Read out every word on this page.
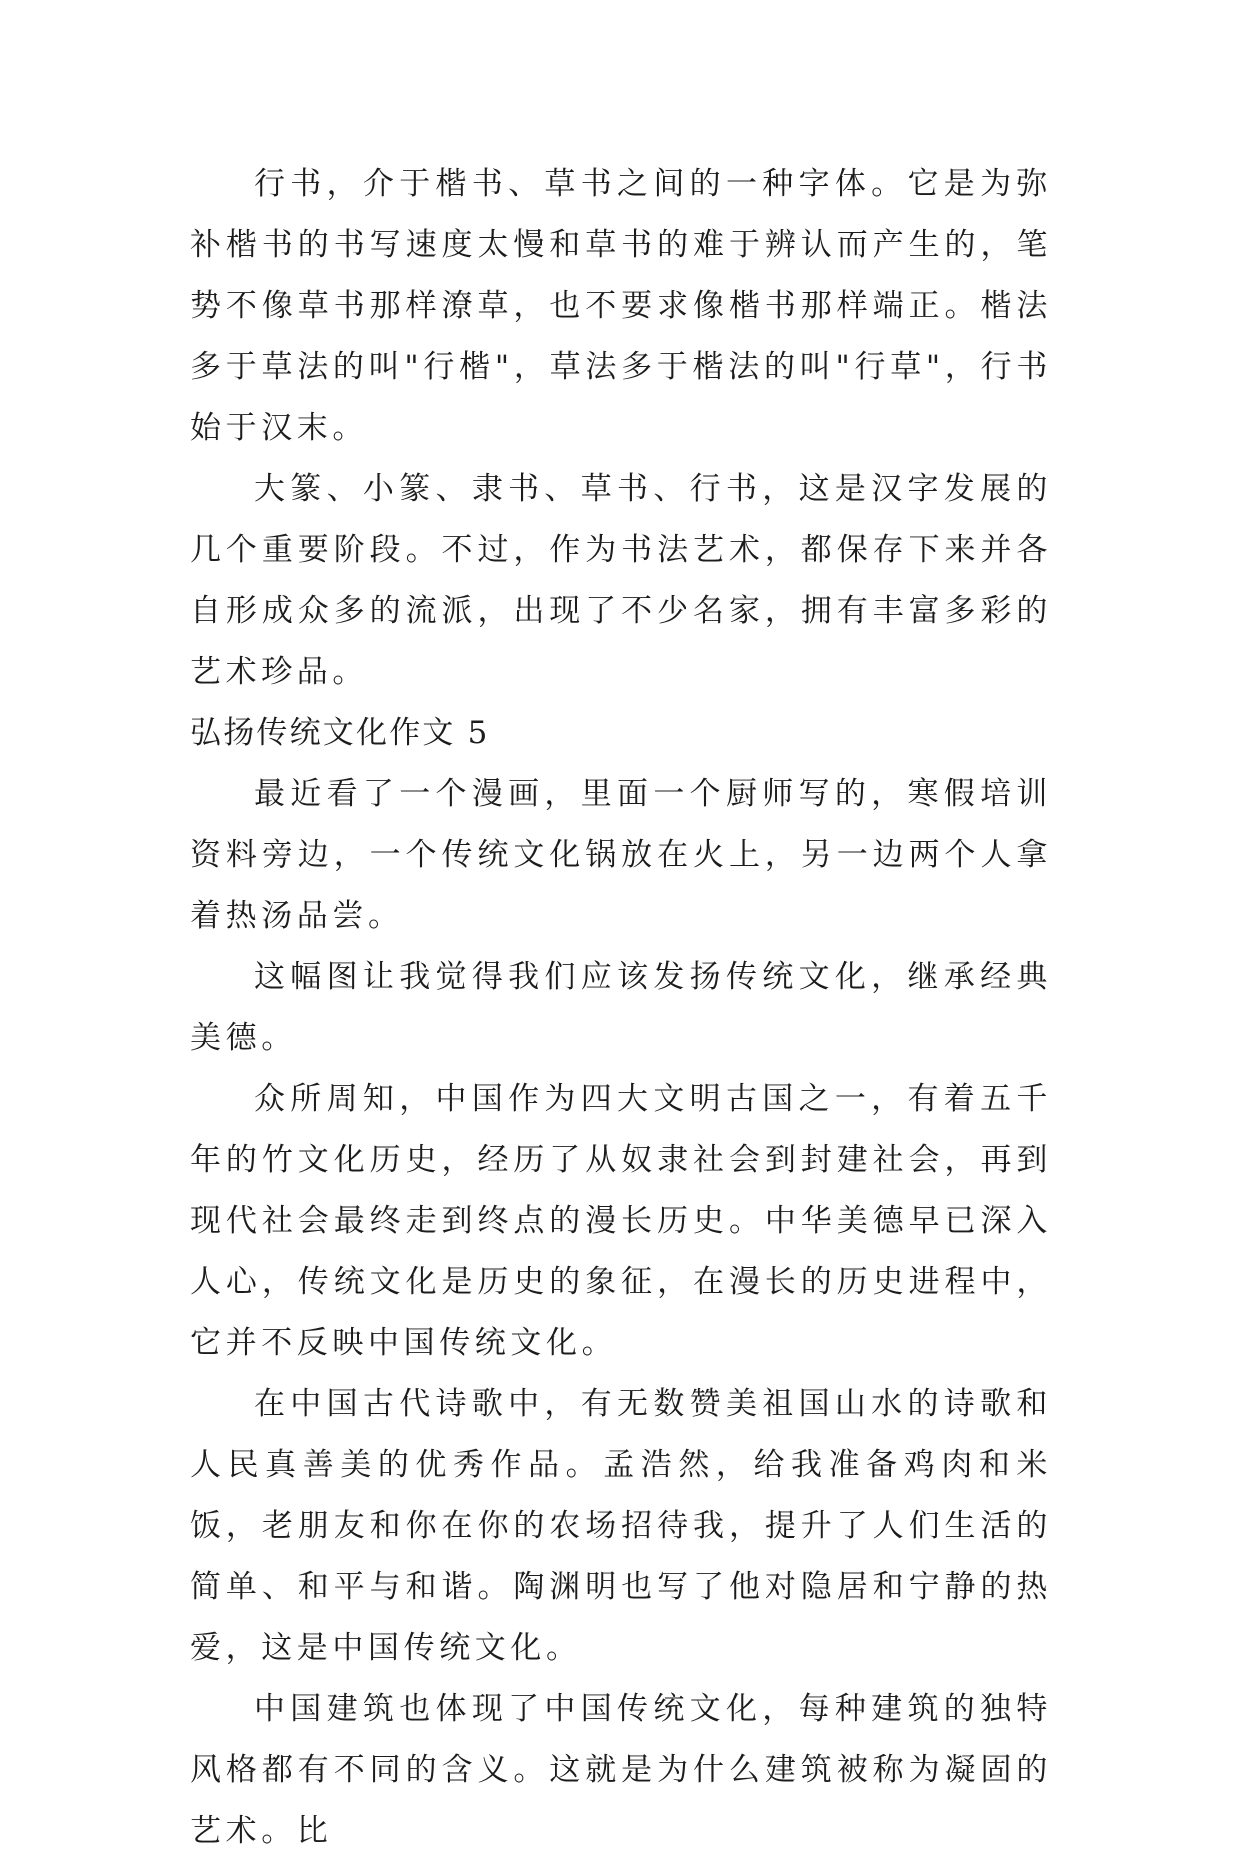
行书，介于楷书、草书之间的一种字体。它是为弥补楷书的书写速度太慢和草书的难于辨认而产生的，笔势不像草书那样潦草，也不要求像楷书那样端正。楷法多于草法的叫"行楷"，草法多于楷法的叫"行草"，行书始于汉末。

大篆、小篆、隶书、草书、行书，这是汉字发展的几个重要阶段。不过，作为书法艺术，都保存下来并各自形成众多的流派，出现了不少名家，拥有丰富多彩的艺术珍品。

弘扬传统文化作文 5

最近看了一个漫画，里面一个厨师写的，寒假培训资料旁边，一个传统文化锅放在火上，另一边两个人拿着热汤品尝。

这幅图让我觉得我们应该发扬传统文化，继承经典美德。

众所周知，中国作为四大文明古国之一，有着五千年的竹文化历史，经历了从奴隶社会到封建社会，再到现代社会最终走到终点的漫长历史。中华美德早已深入人心，传统文化是历史的象征，在漫长的历史进程中，它并不反映中国传统文化。

在中国古代诗歌中，有无数赞美祖国山水的诗歌和人民真善美的优秀作品。孟浩然，给我准备鸡肉和米饭，老朋友和你在你的农场招待我，提升了人们生活的简单、和平与和谐。陶渊明也写了他对隐居和宁静的热爱，这是中国传统文化。

中国建筑也体现了中国传统文化，每种建筑的独特风格都有不同的含义。这就是为什么建筑被称为凝固的艺术。比
